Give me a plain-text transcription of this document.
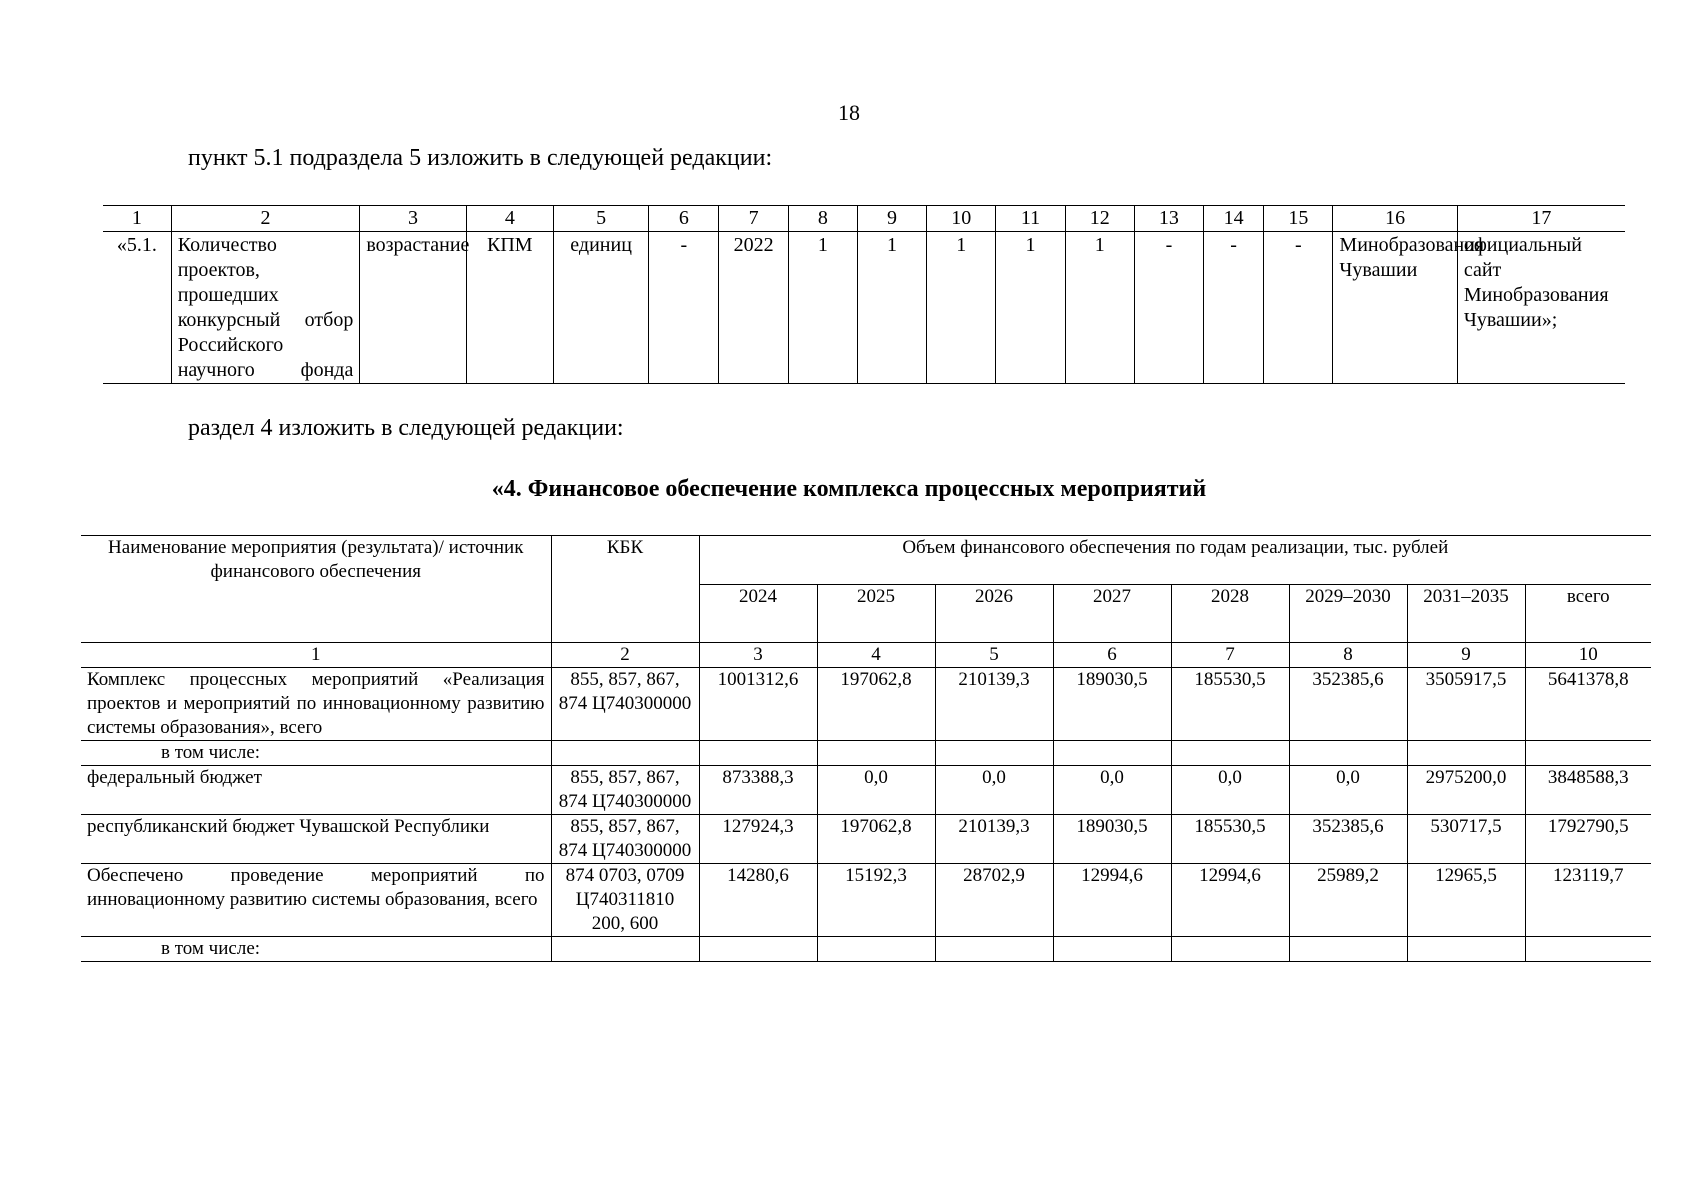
18
пункт 5.1 подраздела 5 изложить в следующей редакции:
1	2	3	4	5	6	7	8	9	10	11	12	13	14	15	16	17
«5.1.	Количество проектов, прошедших конкурсный отбор Российского научного фонда	возрастание	КПМ	единиц	-	2022	1	1	1	1	1	-	-	-	Минобразования Чувашии	официальный сайт Минобразования Чувашии»;
раздел 4 изложить в следующей редакции:
«4. Финансовое обеспечение комплекса процессных мероприятий
Наименование мероприятия (результата)/ источник финансового обеспечения	КБК	Объем финансового обеспечения по годам реализации, тыс. рублей							
		2024	2025	2026	2027	2028	2029–2030	2031–2035	всего
1	2	3	4	5	6	7	8	9	10
Комплекс процессных мероприятий «Реализация проектов и мероприятий по инновационному развитию системы образования», всего	855, 857, 867, 874 Ц740300000	1001312,6	197062,8	210139,3	189030,5	185530,5	352385,6	3505917,5	5641378,8
в том числе:									
федеральный бюджет	855, 857, 867, 874 Ц740300000	873388,3	0,0	0,0	0,0	0,0	0,0	2975200,0	3848588,3
республиканский бюджет Чувашской Республики	855, 857, 867, 874 Ц740300000	127924,3	197062,8	210139,3	189030,5	185530,5	352385,6	530717,5	1792790,5
Обеспечено проведение мероприятий по инновационному развитию системы образования, всего	874 0703, 0709 Ц740311810 200, 600	14280,6	15192,3	28702,9	12994,6	12994,6	25989,2	12965,5	123119,7
в том числе:									
